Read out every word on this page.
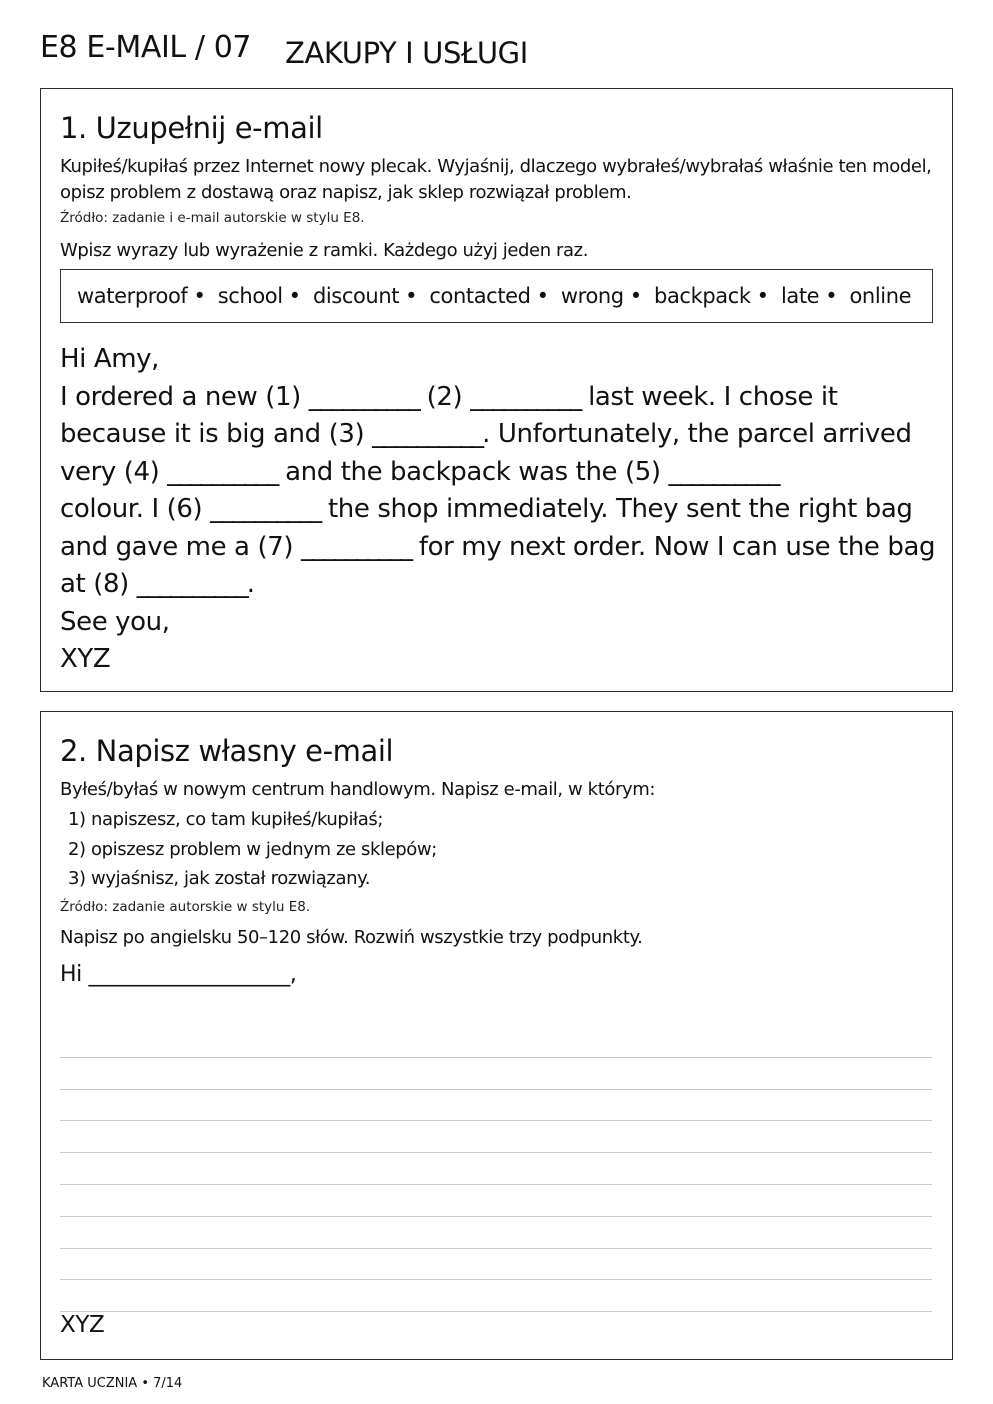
E8 E-MAIL / 07 ZAKUPY I USŁUGI
1. Uzupełnij e-mail
Kupiłeś/kupiłaś przez Internet nowy plecak. Wyjaśnij, dlaczego wybrałeś/wybrałaś właśnie ten model,
opisz problem z dostawą oraz napisz, jak sklep rozwiązał problem.
Źródło: zadanie i e-mail autorskie w stylu E8.
Wpisz wyrazy lub wyrażenie z ramki. Każdego użyj jeden raz.
waterproof • school • discount • contacted • wrong • backpack • late • online
Hi Amy,
I ordered a new (1) __________ (2) __________ last week. I chose it
because it is big and (3) __________. Unfortunately, the parcel arrived
very (4) __________ and the backpack was the (5) __________
colour. I (6) __________ the shop immediately. They sent the right bag
and gave me a (7) __________ for my next order. Now I can use the bag
at (8) __________.
See you,
XYZ
2. Napisz własny e-mail
Byłeś/byłaś w nowym centrum handlowym. Napisz e-mail, w którym:
1) napiszesz, co tam kupiłeś/kupiłaś;
2) opiszesz problem w jednym ze sklepów;
3) wyjaśnisz, jak został rozwiązany.
Źródło: zadanie autorskie w stylu E8.
Napisz po angielsku 50–120 słów. Rozwiń wszystkie trzy podpunkty.
Hi ___________________,
XYZ
KARTA UCZNIA • 7/14
